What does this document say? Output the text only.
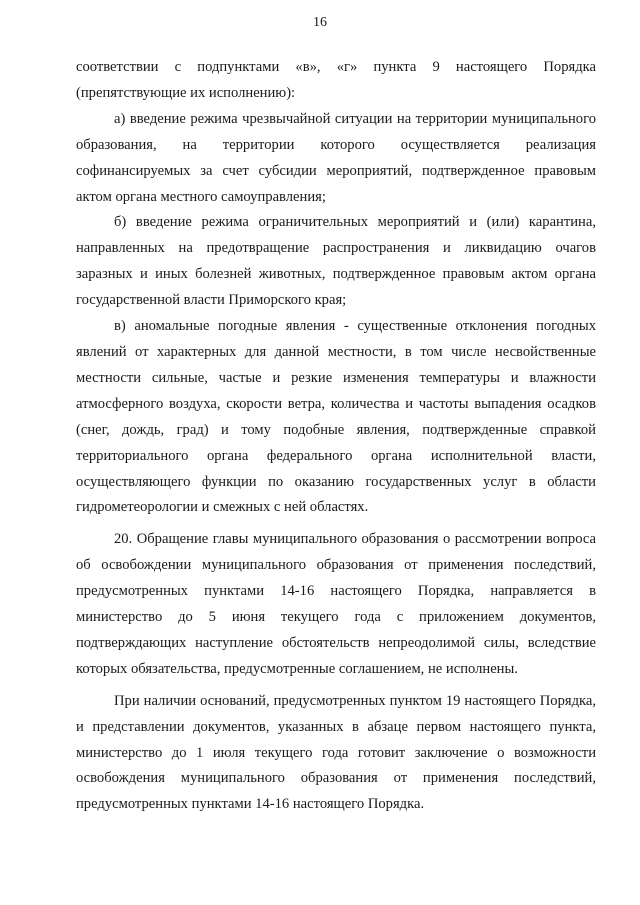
16

соответствии с подпунктами «в», «г» пункта 9 настоящего Порядка (препятствующие их исполнению):

а) введение режима чрезвычайной ситуации на территории муниципального образования, на территории которого осуществляется реализация софинансируемых за счет субсидии мероприятий, подтвержденное правовым актом органа местного самоуправления;

б) введение режима ограничительных мероприятий и (или) карантина, направленных на предотвращение распространения и ликвидацию очагов заразных и иных болезней животных, подтвержденное правовым актом органа государственной власти Приморского края;

в) аномальные погодные явления - существенные отклонения погодных явлений от характерных для данной местности, в том числе несвойственные местности сильные, частые и резкие изменения температуры и влажности атмосферного воздуха, скорости ветра, количества и частоты выпадения осадков (снег, дождь, град) и тому подобные явления, подтвержденные справкой территориального органа федерального органа исполнительной власти, осуществляющего функции по оказанию государственных услуг в области гидрометеорологии и смежных с ней областях.

20. Обращение главы муниципального образования о рассмотрении вопроса об освобождении муниципального образования от применения последствий, предусмотренных пунктами 14-16 настоящего Порядка, направляется в министерство до 5 июня текущего года с приложением документов, подтверждающих наступление обстоятельств непреодолимой силы, вследствие которых обязательства, предусмотренные соглашением, не исполнены.

При наличии оснований, предусмотренных пунктом 19 настоящего Порядка, и представлении документов, указанных в абзаце первом настоящего пункта, министерство до 1 июля текущего года готовит заключение о возможности освобождения муниципального образования от применения последствий, предусмотренных пунктами 14-16 настоящего Порядка.
